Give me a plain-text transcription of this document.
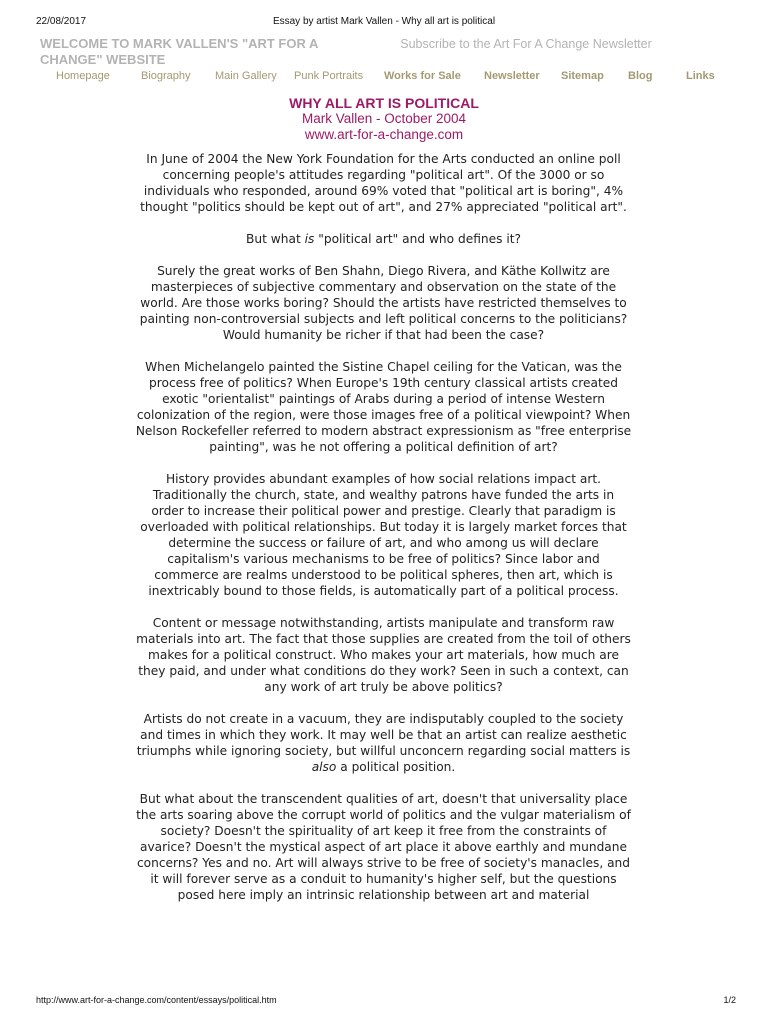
22/08/2017	Essay by artist Mark Vallen - Why all art is political
WELCOME TO MARK VALLEN'S "ART FOR A CHANGE" WEBSITE
Subscribe to the Art For A Change Newsletter
Homepage	Biography Main Gallery Punk Portraits Works for Sale Newsletter Sitemap Blog	Links
WHY ALL ART IS POLITICAL
Mark Vallen - October 2004
www.art-for-a-change.com

In June of 2004 the New York Foundation for the Arts conducted an online poll concerning people's attitudes regarding "political art". Of the 3000 or so individuals who responded, around 69% voted that "political art is boring", 4% thought "politics should be kept out of art", and 27% appreciated "political art".

But what is "political art" and who defines it?

Surely the great works of Ben Shahn, Diego Rivera, and Käthe Kollwitz are masterpieces of subjective commentary and observation on the state of the world. Are those works boring? Should the artists have restricted themselves to painting non-controversial subjects and left political concerns to the politicians? Would humanity be richer if that had been the case?

When Michelangelo painted the Sistine Chapel ceiling for the Vatican, was the process free of politics? When Europe's 19th century classical artists created exotic "orientalist" paintings of Arabs during a period of intense Western colonization of the region, were those images free of a political viewpoint? When Nelson Rockefeller referred to modern abstract expressionism as "free enterprise painting", was he not offering a political definition of art?

History provides abundant examples of how social relations impact art. Traditionally the church, state, and wealthy patrons have funded the arts in order to increase their political power and prestige. Clearly that paradigm is overloaded with political relationships. But today it is largely market forces that determine the success or failure of art, and who among us will declare capitalism's various mechanisms to be free of politics? Since labor and commerce are realms understood to be political spheres, then art, which is inextricably bound to those fields, is automatically part of a political process.

Content or message notwithstanding, artists manipulate and transform raw materials into art. The fact that those supplies are created from the toil of others makes for a political construct. Who makes your art materials, how much are they paid, and under what conditions do they work? Seen in such a context, can any work of art truly be above politics?

Artists do not create in a vacuum, they are indisputably coupled to the society and times in which they work. It may well be that an artist can realize aesthetic triumphs while ignoring society, but willful unconcern regarding social matters is also a political position.

But what about the transcendent qualities of art, doesn't that universality place the arts soaring above the corrupt world of politics and the vulgar materialism of society? Doesn't the spirituality of art keep it free from the constraints of avarice? Doesn't the mystical aspect of art place it above earthly and mundane concerns? Yes and no. Art will always strive to be free of society's manacles, and it will forever serve as a conduit to humanity's higher self, but the questions posed here imply an intrinsic relationship between art and material

http://www.art-for-a-change.com/content/essays/political.htm	1/2
